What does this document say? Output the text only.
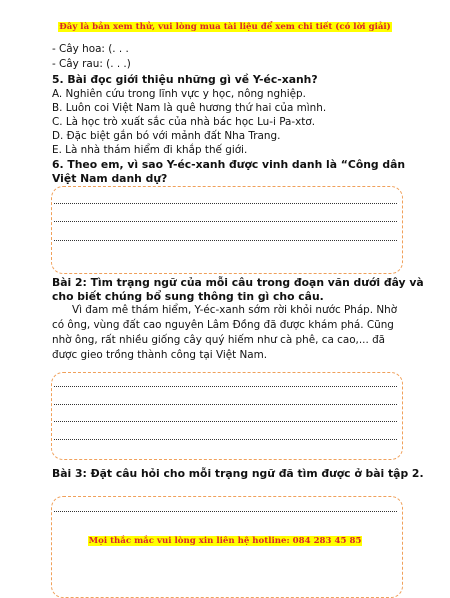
Đây là bản xem thử, vui lòng mua tài liệu để xem chi tiết (có lời giải)
- Cây hoa: (. . .
- Cây rau: (. . .)
5. Bài đọc giới thiệu những gì về Y-éc-xanh?
A. Nghiên cứu trong lĩnh vực y học, nông nghiệp.
B. Luôn coi Việt Nam là quê hương thứ hai của mình.
C. Là học trò xuất sắc của nhà bác học Lu-i Pa-xtơ.
D. Đặc biệt gắn bó với mảnh đất Nha Trang.
E. Là nhà thám hiểm đi khắp thế giới.
6. Theo em, vì sao Y-éc-xanh được vinh danh là “Công dân
Việt Nam danh dự?
Bài 2: Tìm trạng ngữ của mỗi câu trong đoạn văn dưới đây và
cho biết chúng bổ sung thông tin gì cho câu.
Vì đam mê thám hiểm, Y-éc-xanh sớm rời khỏi nước Pháp. Nhờ có ông, vùng đất cao nguyên Lâm Đồng đã được khám phá. Cũng nhờ ông, rất nhiều giống cây quý hiếm như cà phê, ca cao,... đã được gieo trồng thành công tại Việt Nam.
Bài 3: Đặt câu hỏi cho mỗi trạng ngữ đã tìm được ở bài tập 2.
Mọi thắc mắc vui lòng xin liên hệ hotline: 084 283 45 85
